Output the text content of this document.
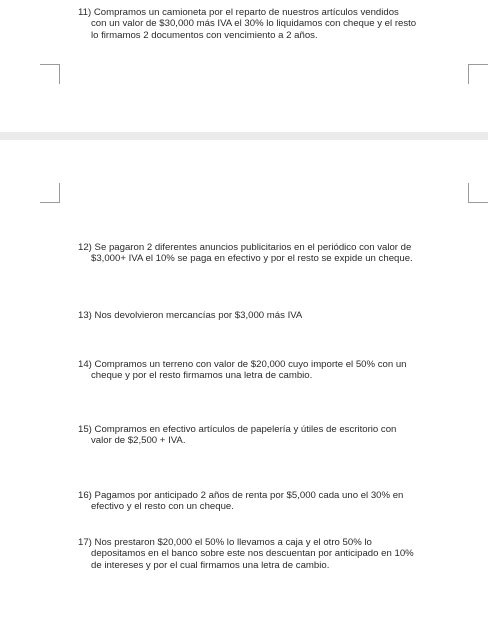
11) Compramos un camioneta por el reparto de nuestros artículos vendidos
con un valor de $30,000 más IVA el 30% lo liquidamos con cheque y el resto
lo firmamos 2 documentos con vencimiento a 2 años.
12) Se pagaron 2 diferentes anuncios publicitarios en el periódico con valor de
$3,000+ IVA el 10% se paga en efectivo y por el resto se expide un cheque.
13) Nos devolvieron mercancías por $3,000 más IVA
14) Compramos un terreno con valor de $20,000 cuyo importe el 50% con un
cheque y por el resto firmamos una letra de cambio.
15) Compramos en efectivo artículos de papelería y útiles de escritorio con
valor de $2,500 + IVA.
16) Pagamos por anticipado 2 años de renta por $5,000 cada uno el 30% en
efectivo y el resto con un cheque.
17) Nos prestaron $20,000 el 50% lo llevamos a caja y el otro 50% lo
depositamos en el banco sobre este nos descuentan por anticipado en 10%
de intereses y por el cual firmamos una letra de cambio.
